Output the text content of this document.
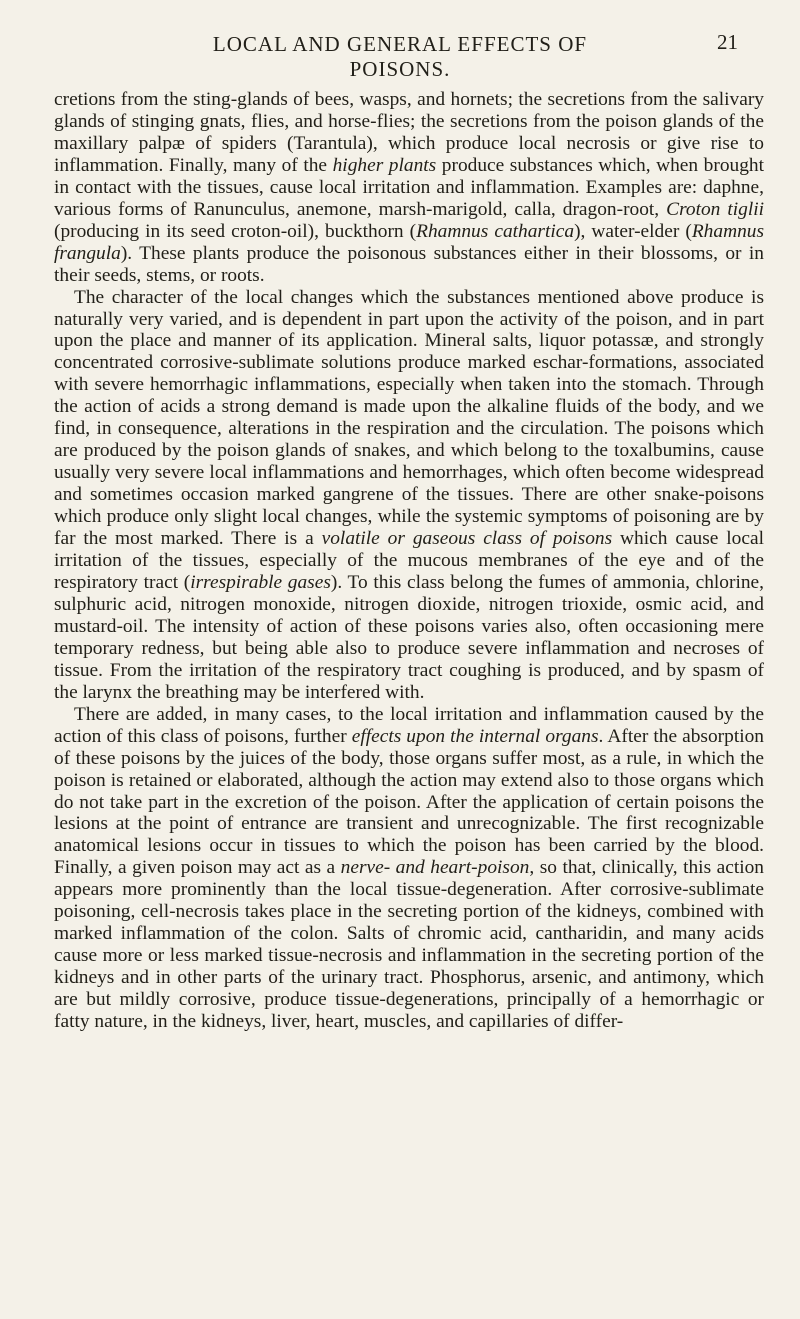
LOCAL AND GENERAL EFFECTS OF POISONS.
21

cretions from the sting-glands of bees, wasps, and hornets; the secretions from the salivary glands of stinging gnats, flies, and horse-flies; the secretions from the poison glands of the maxillary palpæ of spiders (Tarantula), which produce local necrosis or give rise to inflammation. Finally, many of the higher plants produce substances which, when brought in contact with the tissues, cause local irritation and inflammation. Examples are: daphne, various forms of Ranunculus, anemone, marsh-marigold, calla, dragon-root, Croton tiglii (producing in its seed croton-oil), buckthorn (Rhamnus cathartica), water-elder (Rhamnus frangula). These plants produce the poisonous substances either in their blossoms, or in their seeds, stems, or roots.

The character of the local changes which the substances mentioned above produce is naturally very varied, and is dependent in part upon the activity of the poison, and in part upon the place and manner of its application. Mineral salts, liquor potassæ, and strongly concentrated corrosive-sublimate solutions produce marked eschar-formations, associated with severe hemorrhagic inflammations, especially when taken into the stomach. Through the action of acids a strong demand is made upon the alkaline fluids of the body, and we find, in consequence, alterations in the respiration and the circulation. The poisons which are produced by the poison glands of snakes, and which belong to the toxalbumins, cause usually very severe local inflammations and hemorrhages, which often become widespread and sometimes occasion marked gangrene of the tissues. There are other snake-poisons which produce only slight local changes, while the systemic symptoms of poisoning are by far the most marked. There is a volatile or gaseous class of poisons which cause local irritation of the tissues, especially of the mucous membranes of the eye and of the respiratory tract (irrespirable gases). To this class belong the fumes of ammonia, chlorine, sulphuric acid, nitrogen monoxide, nitrogen dioxide, nitrogen trioxide, osmic acid, and mustard-oil. The intensity of action of these poisons varies also, often occasioning mere temporary redness, but being able also to produce severe inflammation and necroses of tissue. From the irritation of the respiratory tract coughing is produced, and by spasm of the larynx the breathing may be interfered with.

There are added, in many cases, to the local irritation and inflammation caused by the action of this class of poisons, further effects upon the internal organs. After the absorption of these poisons by the juices of the body, those organs suffer most, as a rule, in which the poison is retained or elaborated, although the action may extend also to those organs which do not take part in the excretion of the poison. After the application of certain poisons the lesions at the point of entrance are transient and unrecognizable. The first recognizable anatomical lesions occur in tissues to which the poison has been carried by the blood. Finally, a given poison may act as a nerve- and heart-poison, so that, clinically, this action appears more prominently than the local tissue-degeneration. After corrosive-sublimate poisoning, cell-necrosis takes place in the secreting portion of the kidneys, combined with marked inflammation of the colon. Salts of chromic acid, cantharidin, and many acids cause more or less marked tissue-necrosis and inflammation in the secreting portion of the kidneys and in other parts of the urinary tract. Phosphorus, arsenic, and antimony, which are but mildly corrosive, produce tissue-degenerations, principally of a hemorrhagic or fatty nature, in the kidneys, liver, heart, muscles, and capillaries of differ-
